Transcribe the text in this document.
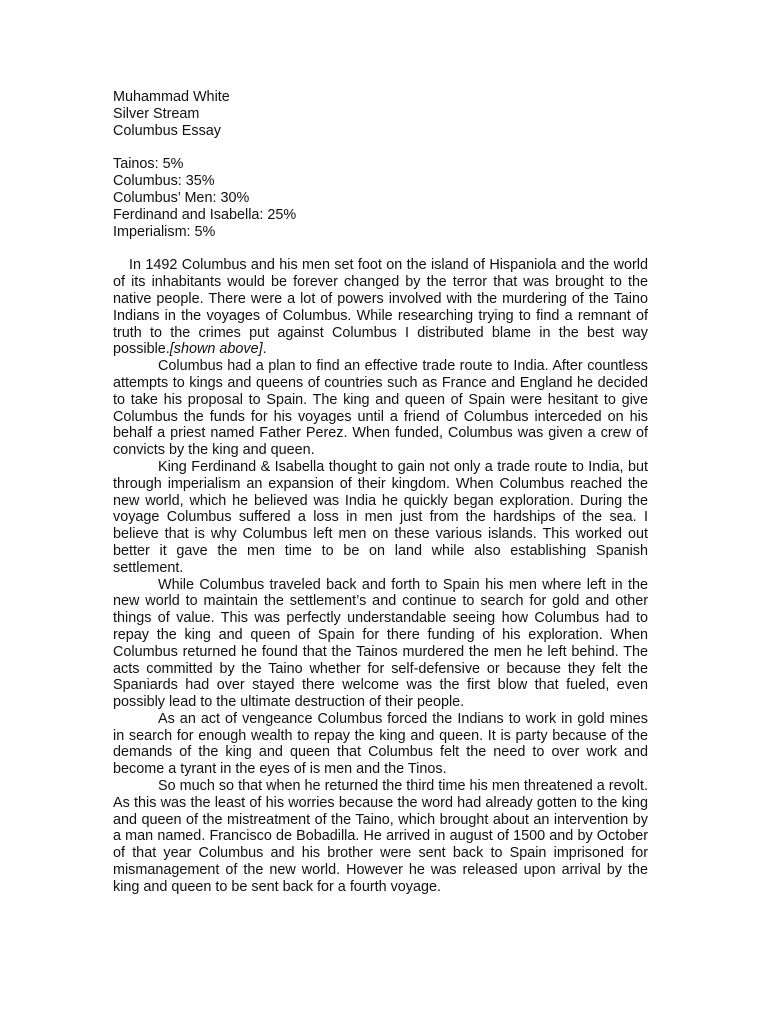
Muhammad White

Silver Stream

Columbus Essay

Tainos: 5%

Columbus: 35%

Columbus’ Men: 30%

Ferdinand and Isabella: 25%

Imperialism: 5%

In 1492 Columbus and his men set foot on the island of Hispaniola and the world of its inhabitants would be forever changed by the terror that was brought to the native people. There were a lot of powers involved with the murdering of the Taino Indians in the voyages of Columbus. While researching trying to find a remnant of truth to the crimes put against Columbus I distributed blame in the best way possible.[shown above].

Columbus had a plan to find an effective trade route to India. After countless attempts to kings and queens of countries such as France and England he decided to take his proposal to Spain. The king and queen of Spain were hesitant to give Columbus the funds for his voyages until a friend of Columbus interceded on his behalf a priest named Father Perez. When funded, Columbus was given a crew of convicts by the king and queen.

King Ferdinand & Isabella thought to gain not only a trade route to India, but through imperialism an expansion of their kingdom. When Columbus reached the new world, which he believed was India he quickly began exploration. During the voyage Columbus suffered a loss in men just from the hardships of the sea. I believe that is why Columbus left men on these various islands. This worked out better it gave the men time to be on land while also establishing Spanish settlement.

While Columbus traveled back and forth to Spain his men where left in the new world to maintain the settlement’s and continue to search for gold and other things of value. This was perfectly understandable seeing how Columbus had to repay the king and queen of Spain for there funding of his exploration. When Columbus returned he found that the Tainos murdered the men he left behind. The acts committed by the Taino whether for self-defensive or because they felt the Spaniards had over stayed there welcome was the first blow that fueled, even possibly lead to the ultimate destruction of their people.

As an act of vengeance Columbus forced the Indians to work in gold mines in search for enough wealth to repay the king and queen. It is party because of the demands of the king and queen that Columbus felt the need to over work and become a tyrant in the eyes of is men and the Tinos.

So much so that when he returned the third time his men threatened a revolt. As this was the least of his worries because the word had already gotten to the king and queen of the mistreatment of the Taino, which brought about an intervention by a man named. Francisco de Bobadilla. He arrived in august of 1500 and by October of that year Columbus and his brother were sent back to Spain imprisoned for mismanagement of the new world. However he was released upon arrival by the king and queen to be sent back for a fourth voyage.
